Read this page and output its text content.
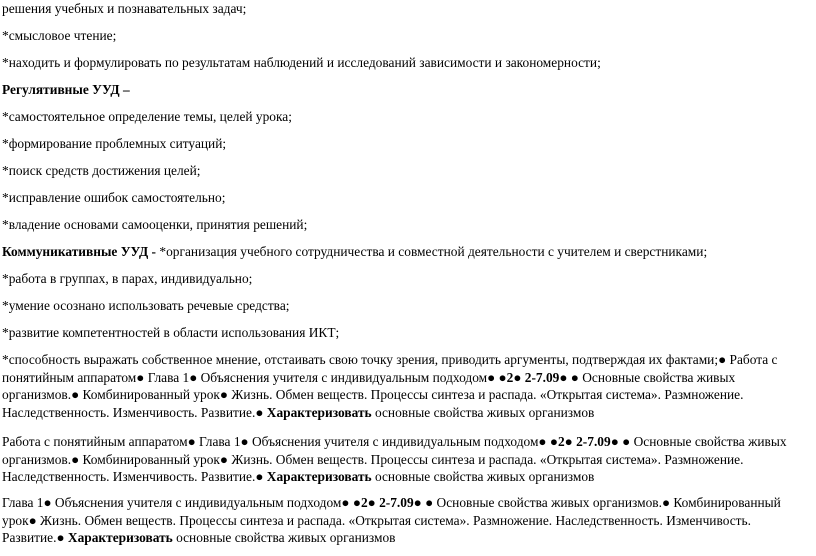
решения учебных и познавательных задач;
*смысловое чтение;
*находить и формулировать по результатам наблюдений и исследований зависимости и закономерности;
Регулятивные УУД –
*самостоятельное определение темы, целей урока;
*формирование проблемных ситуаций;
*поиск средств достижения целей;
*исправление ошибок самостоятельно;
*владение основами самооценки, принятия решений;
Коммуникативные УУД - *организация учебного сотрудничества и совместной деятельности с учителем и сверстниками;
*работа в группах, в парах, индивидуально;
*умение осознано использовать речевые средства;
*развитие компетентностей в области использования ИКТ;
*способность выражать собственное мнение, отстаивать свою точку зрения, приводить аргументы, подтверждая их фактами;● Работа с понятийным аппаратом● Глава 1● Объяснения учителя с индивидуальным подходом● ●2● 2-7.09● ● Основные свойства живых организмов.● Комбинированный урок● Жизнь. Обмен веществ. Процессы синтеза и распада. «Открытая система». Размножение. Наследственность. Изменчивость. Развитие.● Характеризовать основные свойства живых организмов
Работа с понятийным аппаратом● Глава 1● Объяснения учителя с индивидуальным подходом● ●2● 2-7.09● ● Основные свойства живых организмов.● Комбинированный урок● Жизнь. Обмен веществ. Процессы синтеза и распада. «Открытая система». Размножение. Наследственность. Изменчивость. Развитие.● Характеризовать основные свойства живых организмов
Глава 1● Объяснения учителя с индивидуальным подходом● ●2● 2-7.09● ● Основные свойства живых организмов.● Комбинированный урок● Жизнь. Обмен веществ. Процессы синтеза и распада. «Открытая система». Размножение. Наследственность. Изменчивость. Развитие.● Характеризовать основные свойства живых организмов
